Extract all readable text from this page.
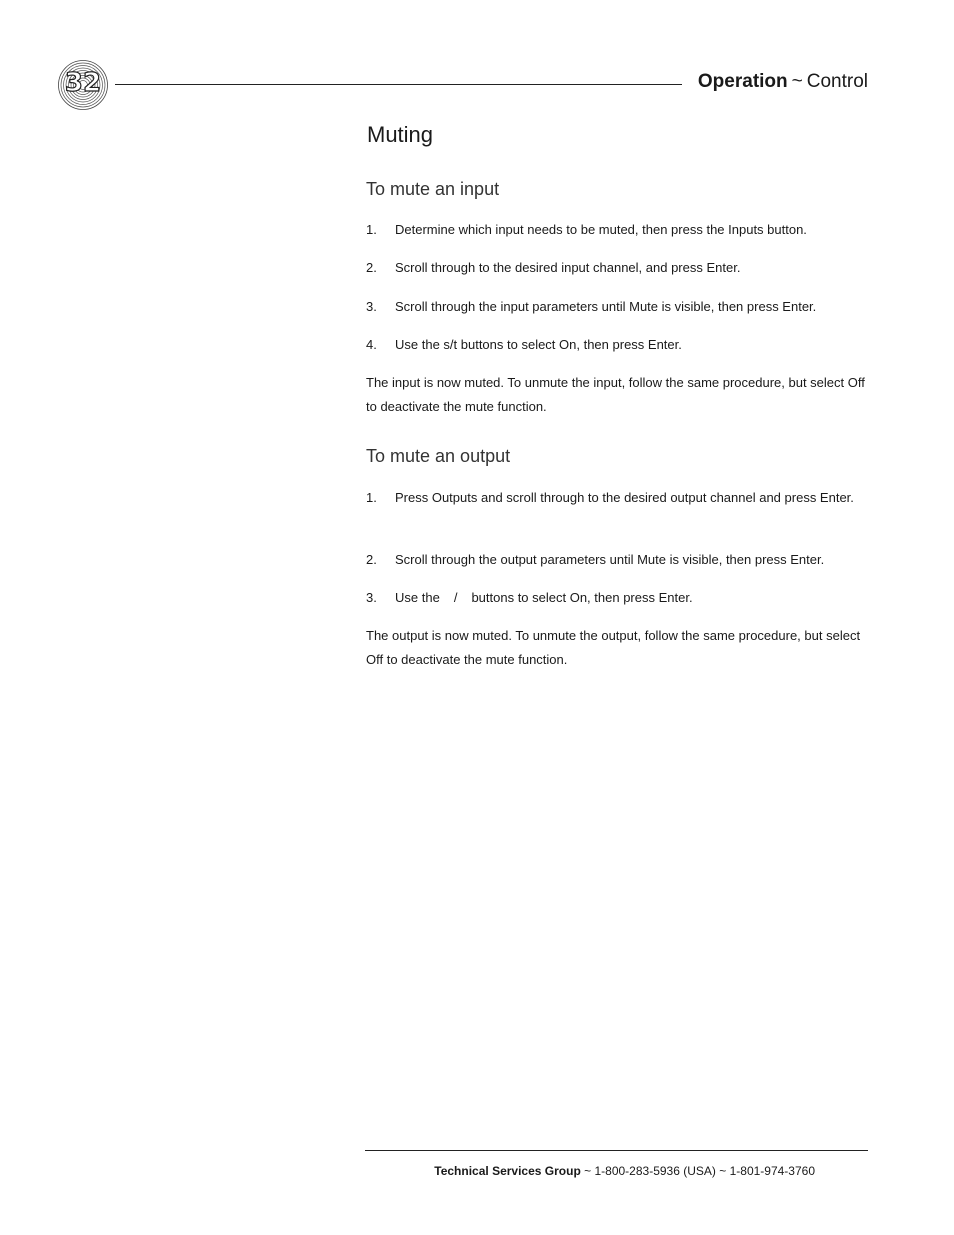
32	Operation ~ Control
Muting
To mute an input
1. Determine which input needs to be muted, then press the Inputs button.
2. Scroll through to the desired input channel, and press Enter.
3. Scroll through the input parameters until Mute is visible, then press Enter.
4. Use the s/t buttons to select On, then press Enter.
The input is now muted. To unmute the input, follow the same procedure, but select Off to deactivate the mute function.
To mute an output
1. Press Outputs and scroll through to the desired output channel and press Enter.
2. Scroll through the output parameters until Mute is visible, then press Enter.
3. Use the / buttons to select On, then press Enter.
The output is now muted. To unmute the output, follow the same procedure, but select Off to deactivate the mute function.
Technical Services Group ~ 1-800-283-5936 (USA) ~ 1-801-974-3760
